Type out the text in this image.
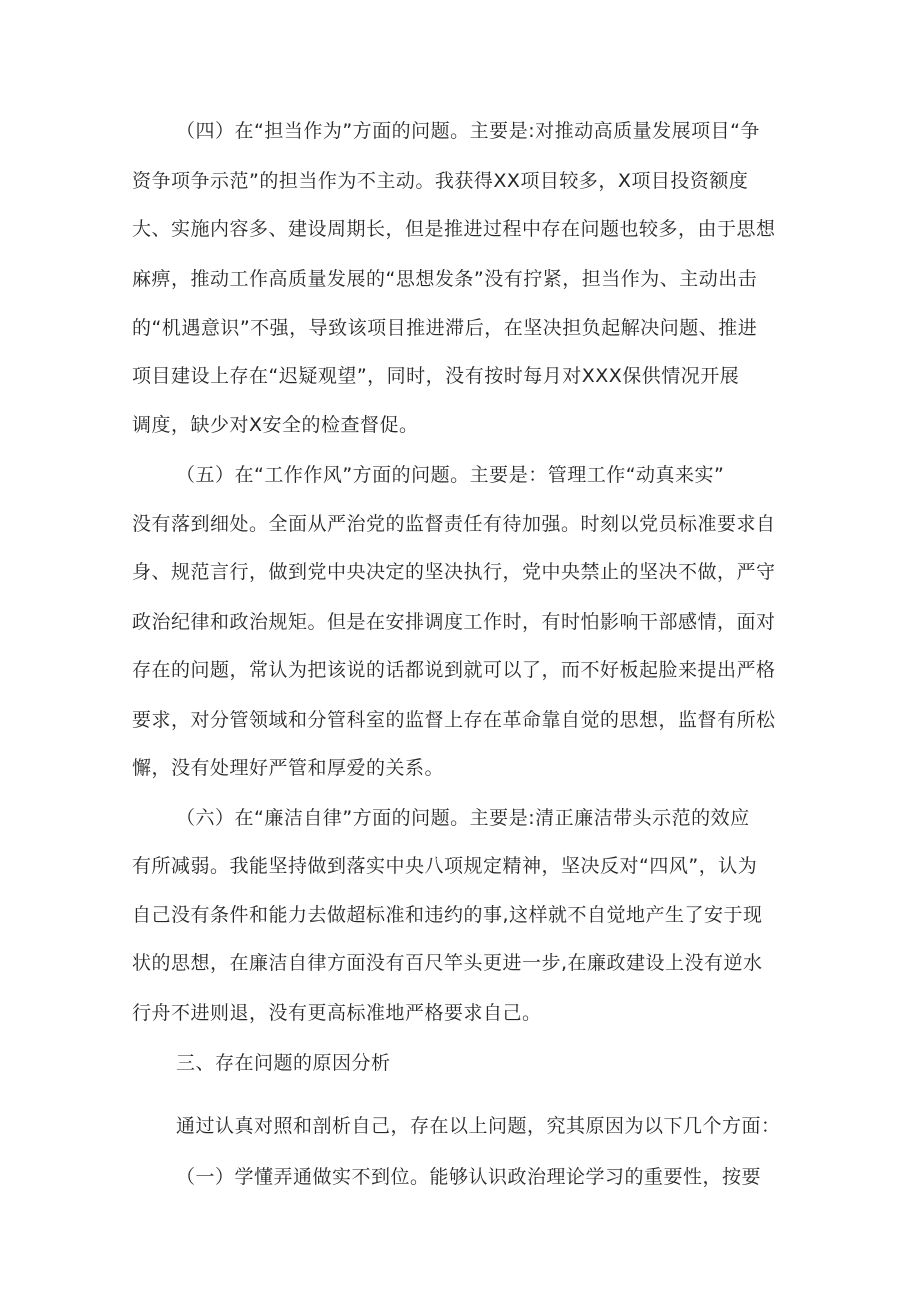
（四）在“担当作为”方面的问题。主要是:对推动高质量发展项目“争
资争项争示范”的担当作为不主动。我获得XX项目较多，X项目投资额度
大、实施内容多、建设周期长，但是推进过程中存在问题也较多，由于思想
麻痹，推动工作高质量发展的“思想发条”没有拧紧，担当作为、主动出击
的“机遇意识”不强，导致该项目推进滞后，在坚决担负起解决问题、推进
项目建设上存在“迟疑观望”，同时，没有按时每月对XXX保供情况开展
调度，缺少对X安全的检查督促。
（五）在“工作作风”方面的问题。主要是：管理工作“动真来实”
没有落到细处。全面从严治党的监督责任有待加强。时刻以党员标准要求自
身、规范言行，做到党中央决定的坚决执行，党中央禁止的坚决不做，严守
政治纪律和政治规矩。但是在安排调度工作时，有时怕影响干部感情，面对
存在的问题，常认为把该说的话都说到就可以了，而不好板起脸来提出严格
要求，对分管领域和分管科室的监督上存在革命靠自觉的思想，监督有所松
懈，没有处理好严管和厚爱的关系。
（六）在“廉洁自律”方面的问题。主要是:清正廉洁带头示范的效应
有所减弱。我能坚持做到落实中央八项规定精神，坚决反对“四风”，认为
自己没有条件和能力去做超标准和违约的事,这样就不自觉地产生了安于现
状的思想，在廉洁自律方面没有百尺竿头更进一步,在廉政建设上没有逆水
行舟不进则退，没有更高标准地严格要求自己。
三、存在问题的原因分析
通过认真对照和剖析自己，存在以上问题，究其原因为以下几个方面：
（一）学懂弄通做实不到位。能够认识政治理论学习的重要性，按要
